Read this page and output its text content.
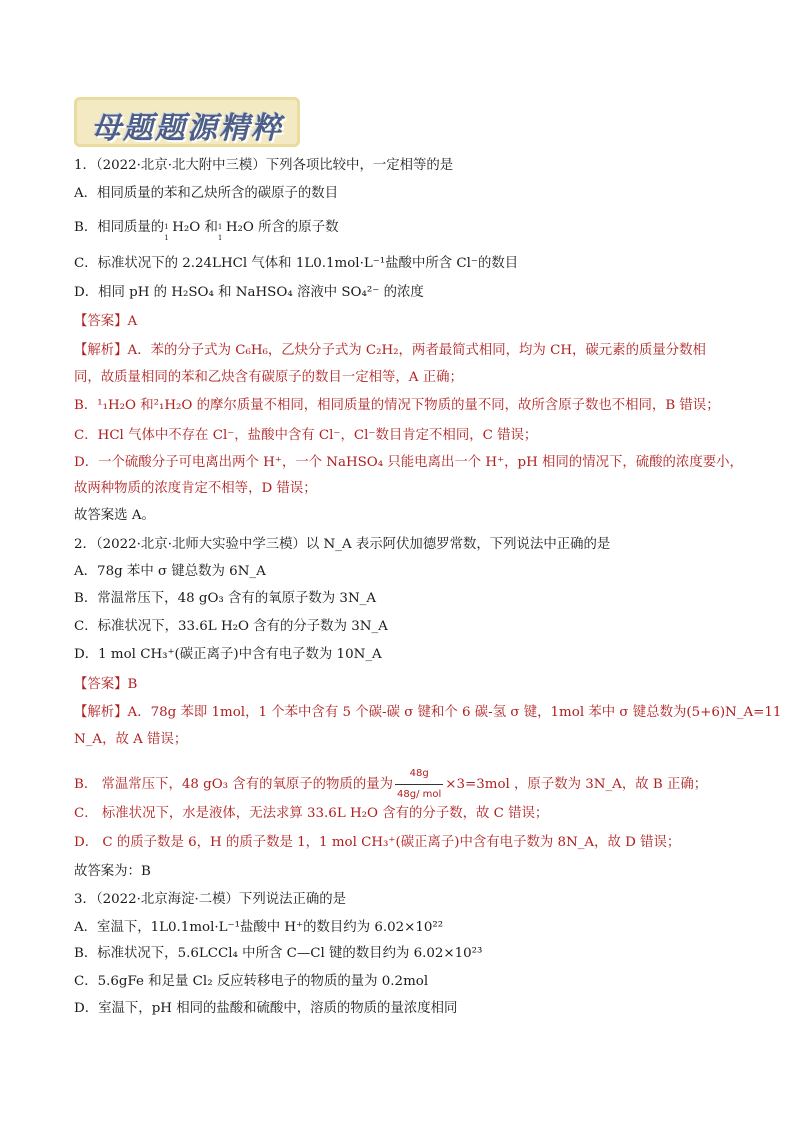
母题题源精粹
1．（2022·北京·北大附中三模）下列各项比较中，一定相等的是
A．相同质量的苯和乙炔所含的碳原子的数目
B．相同质量的 1
1
H₂O 和 1
1
H₂O 所含的原子数
C．标准状况下的 2.24LHCl 气体和 1L0.1mol·L⁻¹盐酸中所含 Cl⁻的数目
D．相同 pH 的 H₂SO₄ 和 NaHSO₄ 溶液中 SO₄²⁻ 的浓度
【答案】A
【解析】A．苯的分子式为 C₆H₆，乙炔分子式为 C₂H₂，两者最简式相同，均为 CH，碳元素的质量分数相
同，故质量相同的苯和乙炔含有碳原子的数目一定相等，A 正确；
B．¹₁H₂O 和²₁H₂O 的摩尔质量不相同，相同质量的情况下物质的量不同，故所含原子数也不相同，B 错误；
C．HCl 气体中不存在 Cl⁻，盐酸中含有 Cl⁻，Cl⁻数目肯定不相同，C 错误；
D．一个硫酸分子可电离出两个 H⁺，一个 NaHSO₄ 只能电离出一个 H⁺，pH 相同的情况下，硫酸的浓度要小，
故两种物质的浓度肯定不相等，D 错误；
故答案选 A。
2．（2022·北京·北师大实验中学三模）以 N_A 表示阿伏加德罗常数，下列说法中正确的是
A．78g 苯中 σ 键总数为 6N_A
B．常温常压下，48 gO₃ 含有的氧原子数为 3N_A
C．标准状况下，33.6L H₂O 含有的分子数为 3N_A
D．1 mol CH₃⁺(碳正离子)中含有电子数为 10N_A
【答案】B
【解析】A．78g 苯即 1mol，1 个苯中含有 5 个碳-碳 σ 键和个 6 碳-氢 σ 键，1mol 苯中 σ 键总数为(5+6)N_A=11
N_A，故 A 错误；
B． 常温常压下，48 gO₃ 含有的氧原子的物质的量为 $\frac{48g}{\text{48g/ mol}} \times 3=3mol$ ，原子数为 3N_A，故 B 正确；
C． 标准状况下，水是液体，无法求算 33.6L H₂O 含有的分子数，故 C 错误；
D． C 的质子数是 6，H 的质子数是 1，1 mol CH₃⁺(碳正离子)中含有电子数为 8N_A，故 D 错误；
故答案为：B
3．（2022·北京海淀·二模）下列说法正确的是
A．室温下，1L0.1mol·L⁻¹盐酸中 H⁺的数目约为 6.02×10²²
B．标准状况下，5.6LCCl₄ 中所含 C—Cl 键的数目约为 6.02×10²³
C．5.6gFe 和足量 Cl₂ 反应转移电子的物质的量为 0.2mol
D．室温下，pH 相同的盐酸和硫酸中，溶质的物质的量浓度相同
